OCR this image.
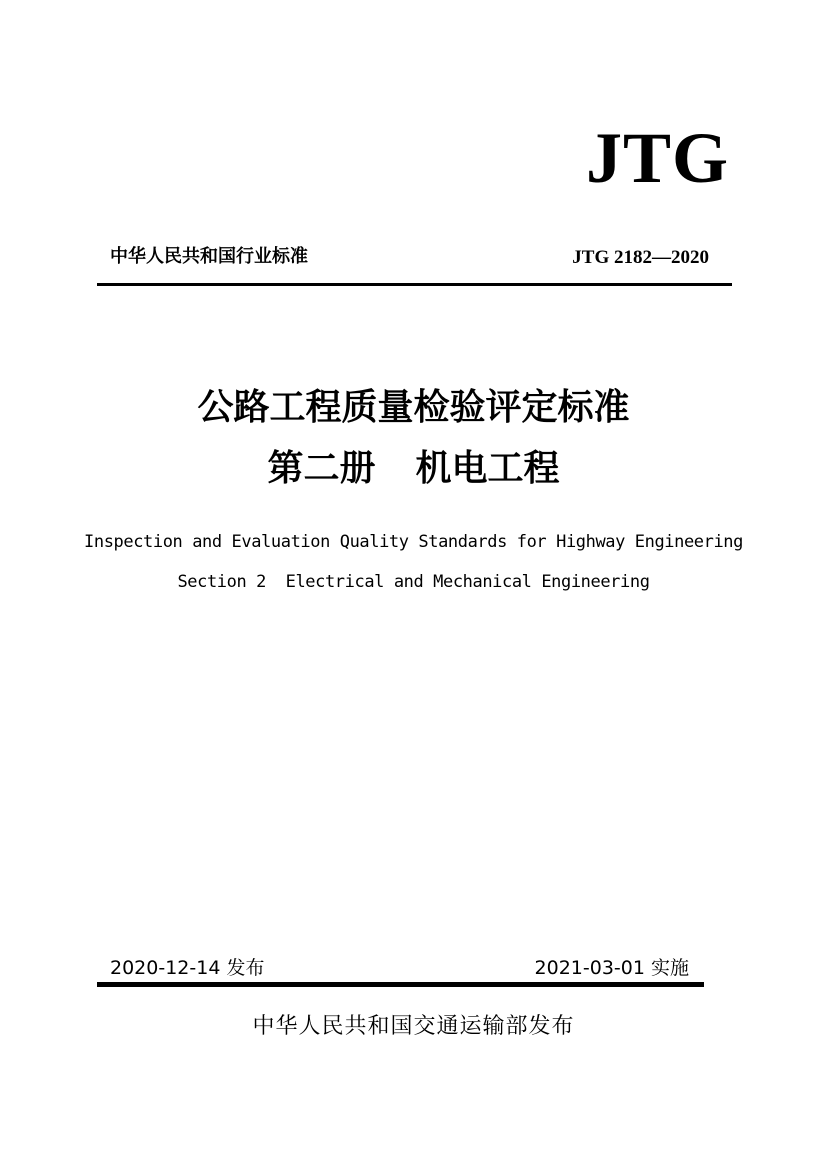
JTG
中华人民共和国行业标准	JTG 2182—2020
公路工程质量检验评定标准
第二册 机电工程
Inspection and Evaluation Quality Standards for Highway Engineering
Section 2  Electrical and Mechanical Engineering
2020-12-14 发布	2021-03-01 实施
中华人民共和国交通运输部发布
